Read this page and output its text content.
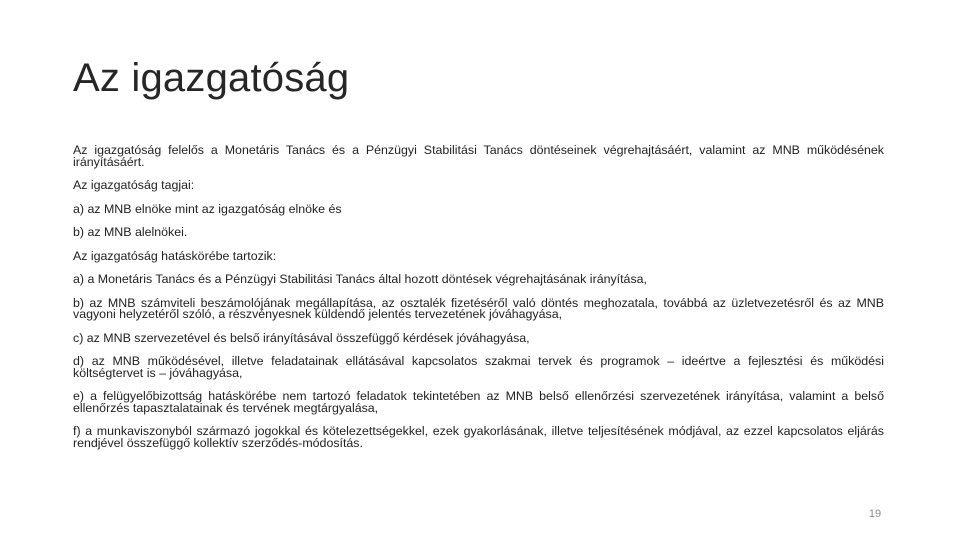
Az igazgatóság

Az igazgatóság felelős a Monetáris Tanács és a Pénzügyi Stabilitási Tanács döntéseinek végrehajtásáért, valamint az MNB működésének irányításáért.

Az igazgatóság tagjai:

a) az MNB elnöke mint az igazgatóság elnöke és

b) az MNB alelnökei.

Az igazgatóság hatáskörébe tartozik:

a) a Monetáris Tanács és a Pénzügyi Stabilitási Tanács által hozott döntések végrehajtásának irányítása,

b) az MNB számviteli beszámolójának megállapítása, az osztalék fizetéséről való döntés meghozatala, továbbá az üzletvezetésről és az MNB vagyoni helyzetéről szóló, a részvényesnek küldendő jelentés tervezetének jóváhagyása,

c) az MNB szervezetével és belső irányításával összefüggő kérdések jóváhagyása,

d) az MNB működésével, illetve feladatainak ellátásával kapcsolatos szakmai tervek és programok – ideértve a fejlesztési és működési költségtervet is – jóváhagyása,

e) a felügyelőbizottság hatáskörébe nem tartozó feladatok tekintetében az MNB belső ellenőrzési szervezetének irányítása, valamint a belső ellenőrzés tapasztalatainak és tervének megtárgyalása,

f) a munkaviszonyból származó jogokkal és kötelezettségekkel, ezek gyakorlásának, illetve teljesítésének módjával, az ezzel kapcsolatos eljárás rendjével összefüggő kollektív szerződés-módosítás.

19
